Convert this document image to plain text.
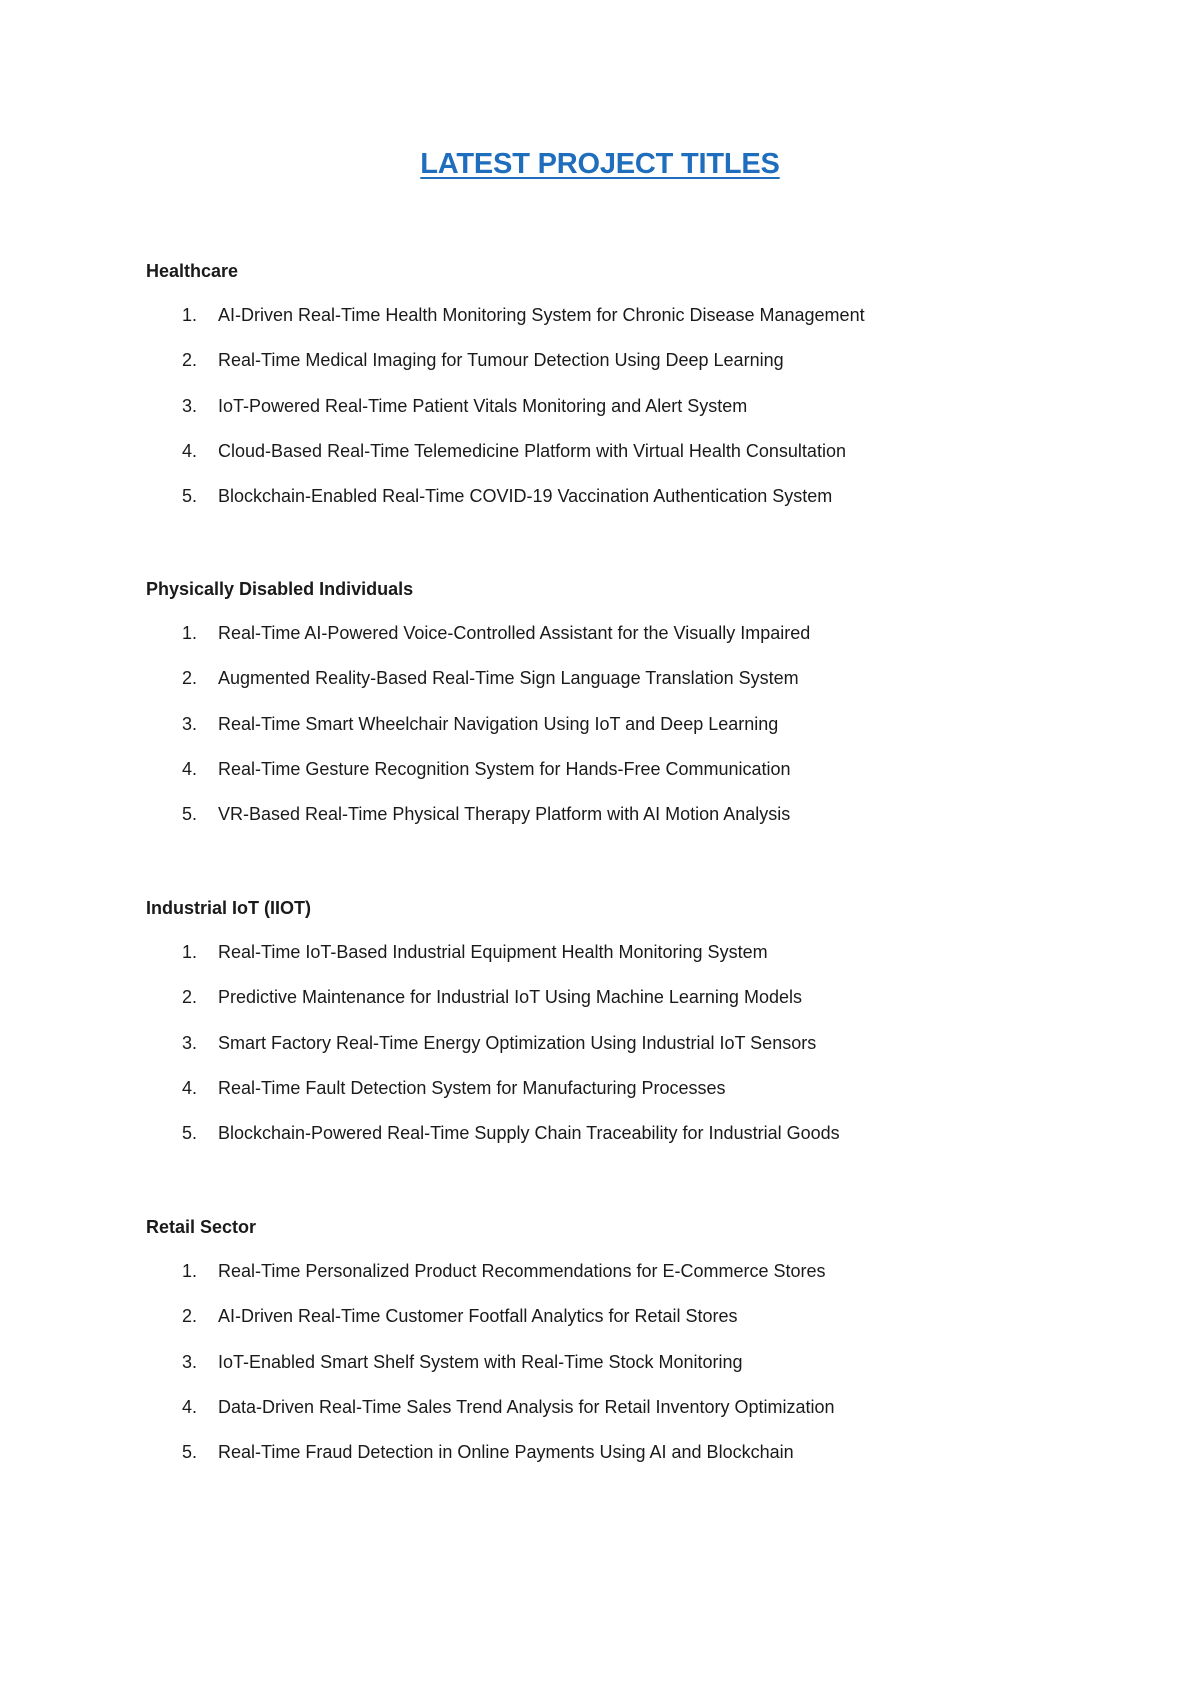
LATEST PROJECT TITLES
Healthcare
1. AI-Driven Real-Time Health Monitoring System for Chronic Disease Management
2. Real-Time Medical Imaging for Tumour Detection Using Deep Learning
3. IoT-Powered Real-Time Patient Vitals Monitoring and Alert System
4. Cloud-Based Real-Time Telemedicine Platform with Virtual Health Consultation
5. Blockchain-Enabled Real-Time COVID-19 Vaccination Authentication System
Physically Disabled Individuals
1. Real-Time AI-Powered Voice-Controlled Assistant for the Visually Impaired
2. Augmented Reality-Based Real-Time Sign Language Translation System
3. Real-Time Smart Wheelchair Navigation Using IoT and Deep Learning
4. Real-Time Gesture Recognition System for Hands-Free Communication
5. VR-Based Real-Time Physical Therapy Platform with AI Motion Analysis
Industrial IoT (IIOT)
1. Real-Time IoT-Based Industrial Equipment Health Monitoring System
2. Predictive Maintenance for Industrial IoT Using Machine Learning Models
3. Smart Factory Real-Time Energy Optimization Using Industrial IoT Sensors
4. Real-Time Fault Detection System for Manufacturing Processes
5. Blockchain-Powered Real-Time Supply Chain Traceability for Industrial Goods
Retail Sector
1. Real-Time Personalized Product Recommendations for E-Commerce Stores
2. AI-Driven Real-Time Customer Footfall Analytics for Retail Stores
3. IoT-Enabled Smart Shelf System with Real-Time Stock Monitoring
4. Data-Driven Real-Time Sales Trend Analysis for Retail Inventory Optimization
5. Real-Time Fraud Detection in Online Payments Using AI and Blockchain
